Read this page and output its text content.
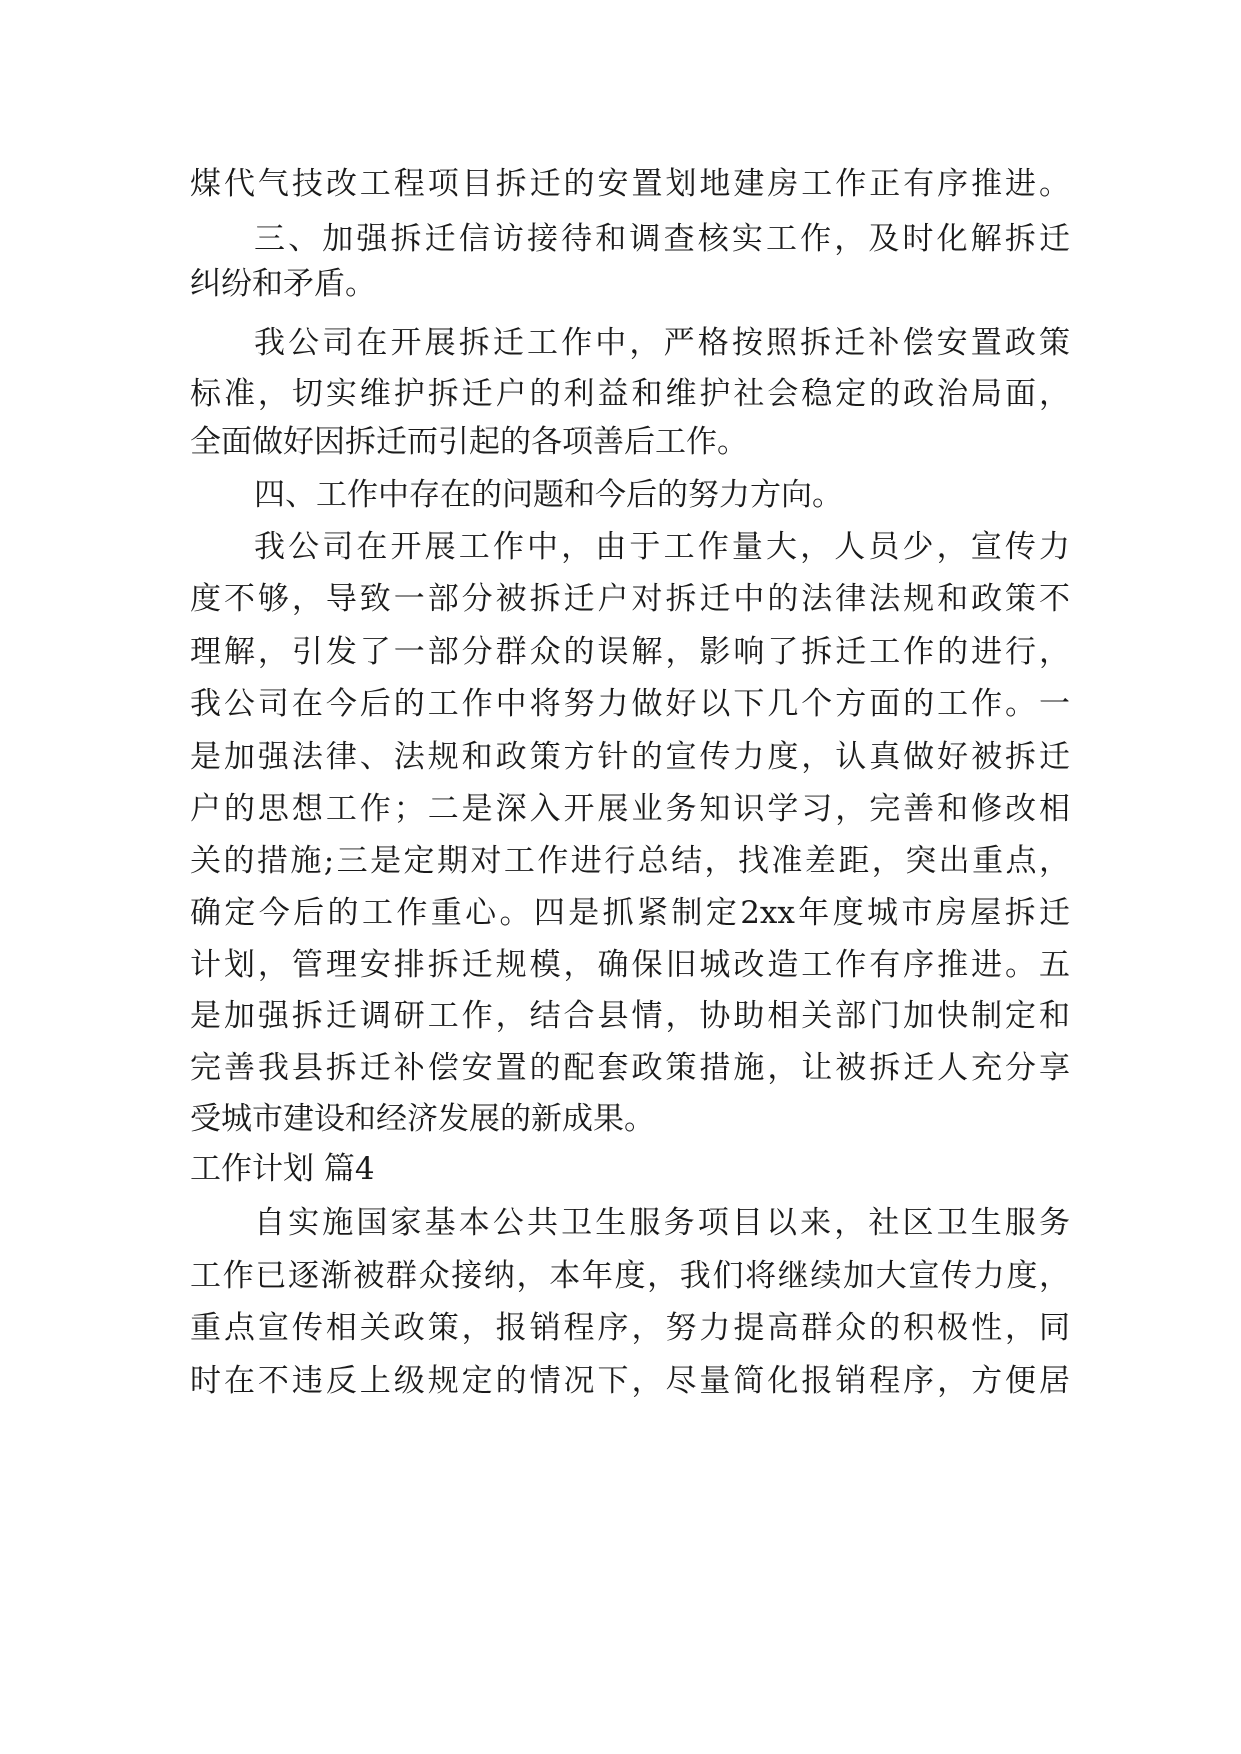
煤代气技改工程项目拆迁的安置划地建房工作正有序推进。

三、加强拆迁信访接待和调查核实工作，及时化解拆迁

纠纷和矛盾。

我公司在开展拆迁工作中，严格按照拆迁补偿安置政策

标准，切实维护拆迁户的利益和维护社会稳定的政治局面，

全面做好因拆迁而引起的各项善后工作。

四、工作中存在的问题和今后的努力方向。

我公司在开展工作中，由于工作量大，人员少，宣传力

度不够，导致一部分被拆迁户对拆迁中的法律法规和政策不

理解，引发了一部分群众的误解，影响了拆迁工作的进行，

我公司在今后的工作中将努力做好以下几个方面的工作。一

是加强法律、法规和政策方针的宣传力度，认真做好被拆迁

户的思想工作；二是深入开展业务知识学习，完善和修改相

关的措施;三是定期对工作进行总结，找准差距，突出重点，

确定今后的工作重心。四是抓紧制定2xx年度城市房屋拆迁

计划，管理安排拆迁规模，确保旧城改造工作有序推进。五

是加强拆迁调研工作，结合县情，协助相关部门加快制定和

完善我县拆迁补偿安置的配套政策措施，让被拆迁人充分享

受城市建设和经济发展的新成果。

工作计划 篇4

自实施国家基本公共卫生服务项目以来，社区卫生服务

工作已逐渐被群众接纳，本年度，我们将继续加大宣传力度，

重点宣传相关政策，报销程序，努力提高群众的积极性，同

时在不违反上级规定的情况下，尽量简化报销程序，方便居
